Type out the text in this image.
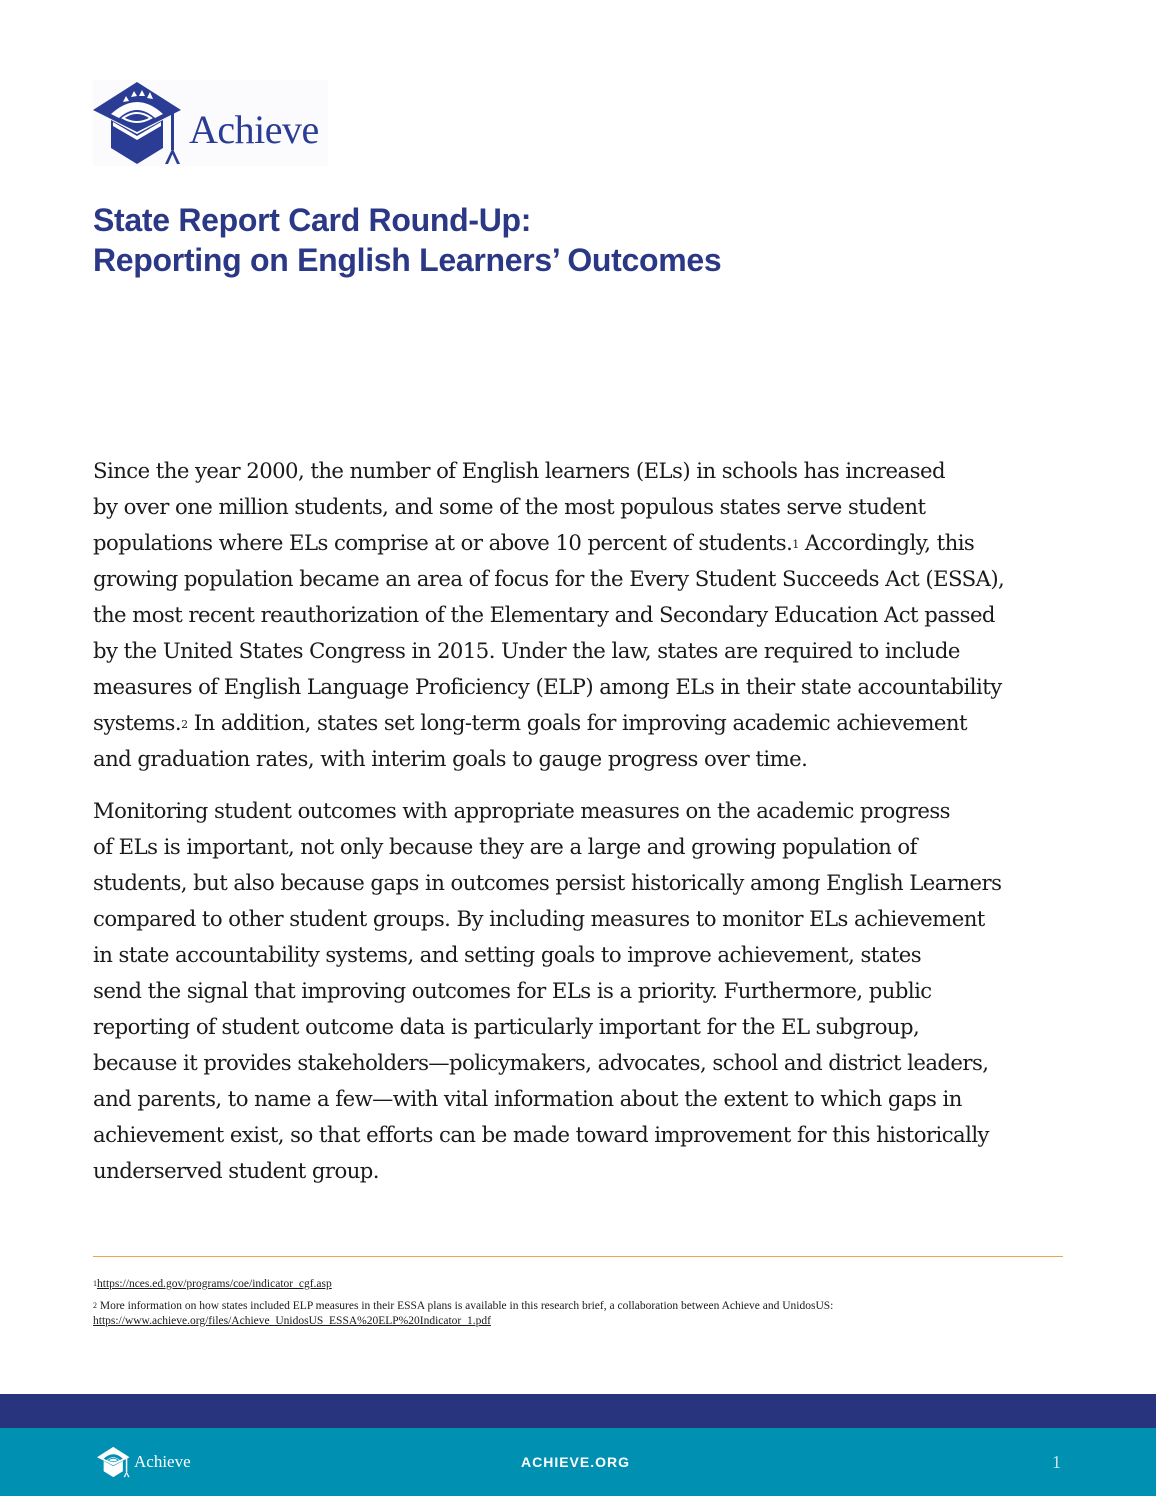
Achieve
State Report Card Round-Up:
Reporting on English Learners’ Outcomes

Since the year 2000, the number of English learners (ELs) in schools has increased
by over one million students, and some of the most populous states serve student
populations where ELs comprise at or above 10 percent of students.$^1$ Accordingly, this
growing population became an area of focus for the Every Student Succeeds Act (ESSA),
the most recent reauthorization of the Elementary and Secondary Education Act passed
by the United States Congress in 2015. Under the law, states are required to include
measures of English Language Proficiency (ELP) among ELs in their state accountability
systems.$^2$ In addition, states set long-term goals for improving academic achievement
and graduation rates, with interim goals to gauge progress over time.

Monitoring student outcomes with appropriate measures on the academic progress
of ELs is important, not only because they are a large and growing population of
students, but also because gaps in outcomes persist historically among English Learners
compared to other student groups. By including measures to monitor ELs achievement
in state accountability systems, and setting goals to improve achievement, states
send the signal that improving outcomes for ELs is a priority. Furthermore, public
reporting of student outcome data is particularly important for the EL subgroup,
because it provides stakeholders—policymakers, advocates, school and district leaders,
and parents, to name a few—with vital information about the extent to which gaps in
achievement exist, so that efforts can be made toward improvement for this historically
underserved student group.

$^1$https://nces.ed.gov/programs/coe/indicator_cgf.asp
$^2$ More information on how states included ELP measures in their ESSA plans is available in this research brief, a collaboration between Achieve and UnidosUS:
https://www.achieve.org/files/Achieve_UnidosUS_ESSA%20ELP%20Indicator_1.pdf
Achieve	ACHIEVE.ORG	1
